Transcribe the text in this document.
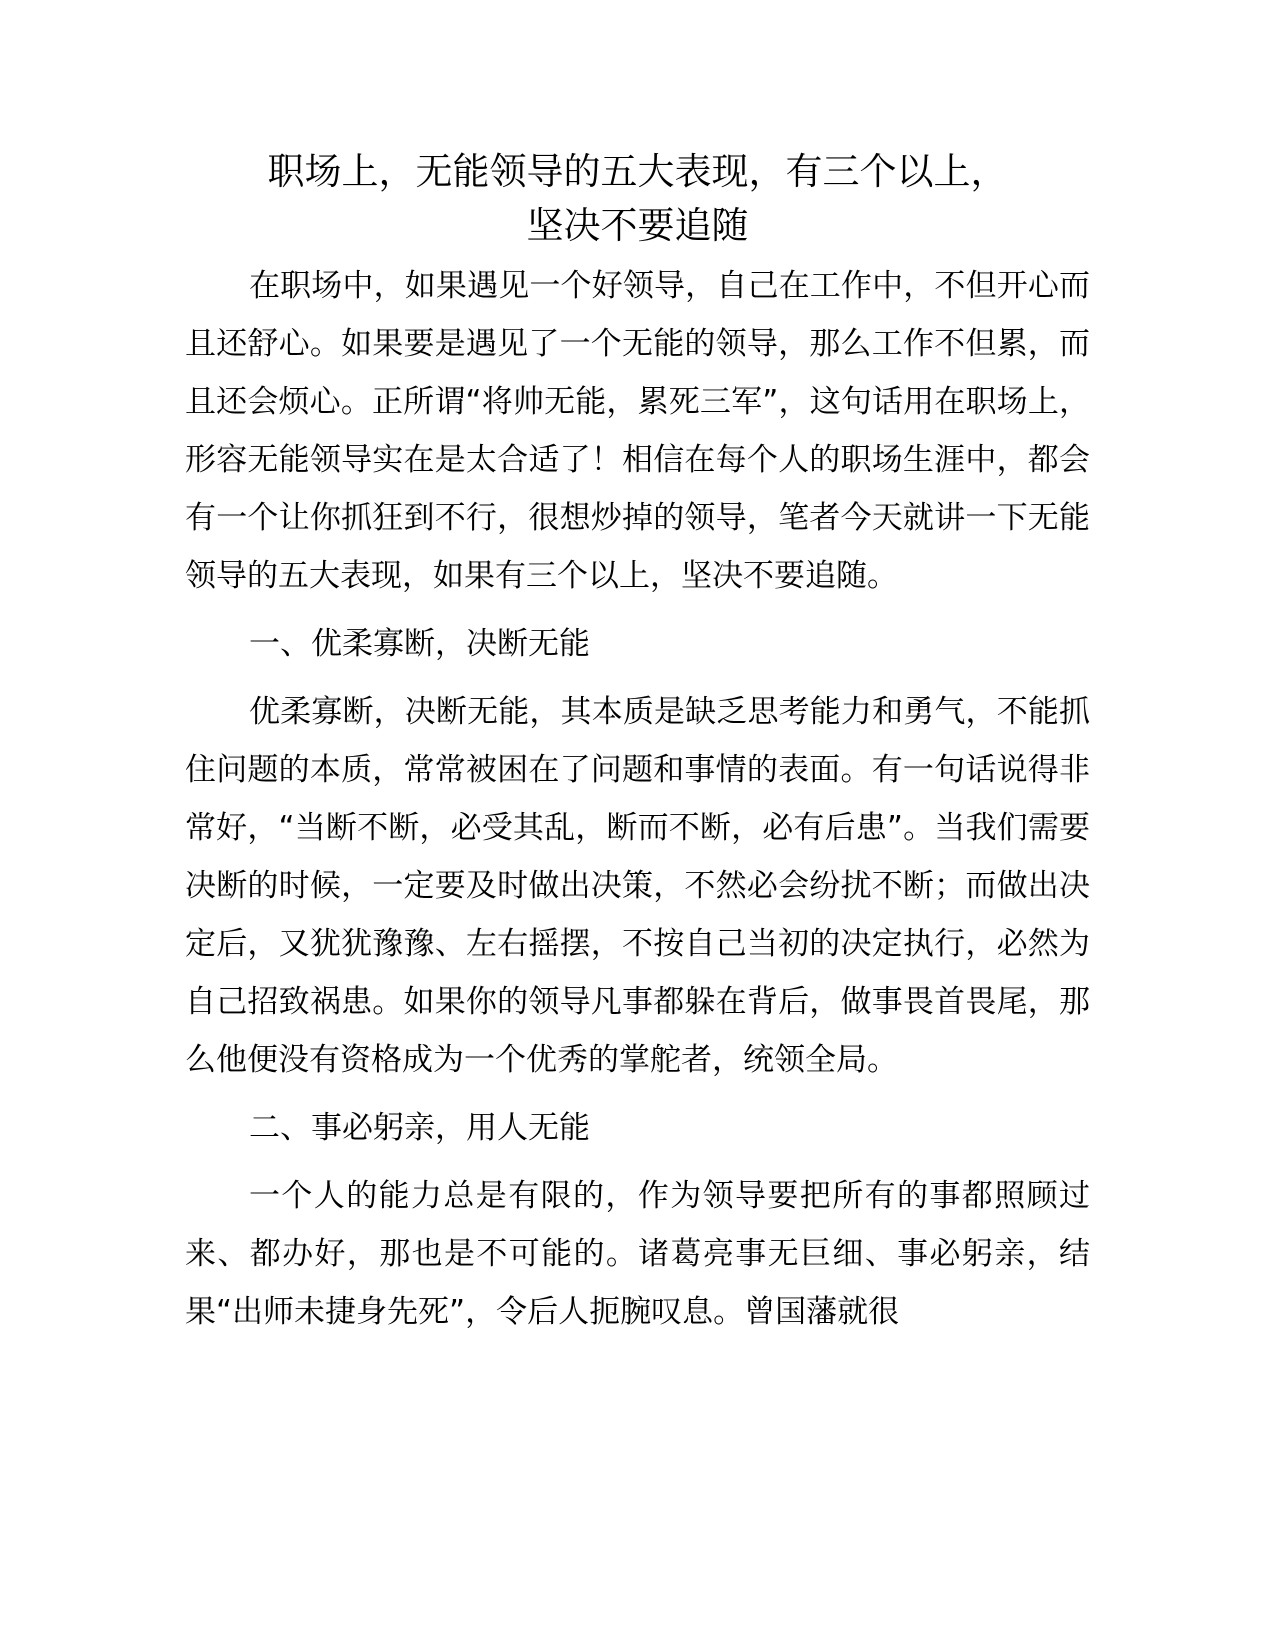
职场上，无能领导的五大表现，有三个以上，
坚决不要追随

在职场中，如果遇见一个好领导，自己在工作中，不但开心而且还舒心。如果要是遇见了一个无能的领导，那么工作不但累，而且还会烦心。正所谓“将帅无能，累死三军”，这句话用在职场上，形容无能领导实在是太合适了！相信在每个人的职场生涯中，都会有一个让你抓狂到不行，很想炒掉的领导，笔者今天就讲一下无能领导的五大表现，如果有三个以上，坚决不要追随。

一、优柔寡断，决断无能

优柔寡断，决断无能，其本质是缺乏思考能力和勇气，不能抓住问题的本质，常常被困在了问题和事情的表面。有一句话说得非常好，“当断不断，必受其乱，断而不断，必有后患”。当我们需要决断的时候，一定要及时做出决策，不然必会纷扰不断；而做出决定后，又犹犹豫豫、左右摇摆，不按自己当初的决定执行，必然为自己招致祸患。如果你的领导凡事都躲在背后，做事畏首畏尾，那么他便没有资格成为一个优秀的掌舵者，统领全局。

二、事必躬亲，用人无能

一个人的能力总是有限的，作为领导要把所有的事都照顾过来、都办好，那也是不可能的。诸葛亮事无巨细、事必躬亲，结果“出师未捷身先死”，令后人扼腕叹息。曾国藩就很
